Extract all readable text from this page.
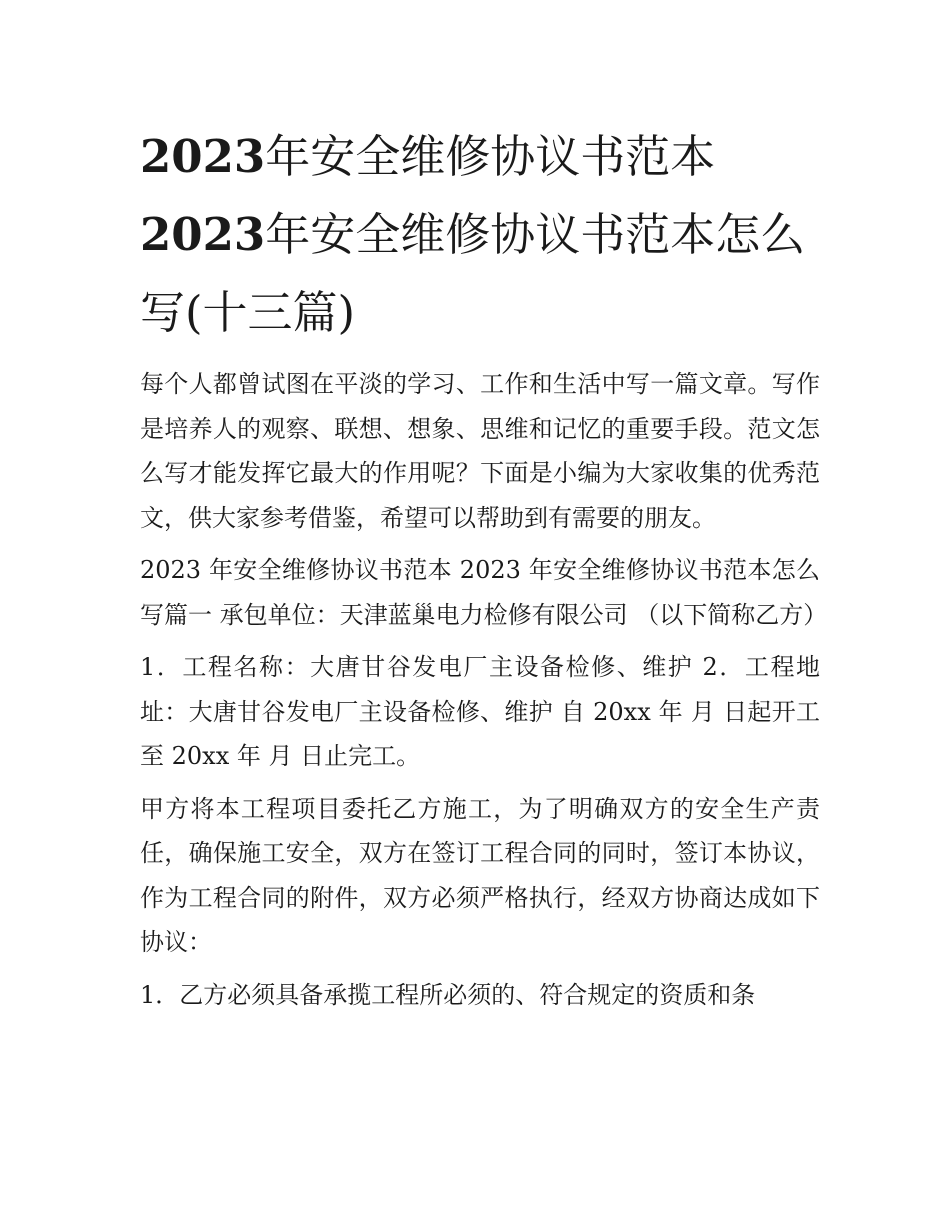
2023年安全维修协议书范本
2023年安全维修协议书范本怎么写(十三篇)

每个人都曾试图在平淡的学习、工作和生活中写一篇文章。写作是培养人的观察、联想、想象、思维和记忆的重要手段。范文怎么写才能发挥它最大的作用呢？下面是小编为大家收集的优秀范文，供大家参考借鉴，希望可以帮助到有需要的朋友。

2023 年安全维修协议书范本 2023 年安全维修协议书范本怎么写篇一 承包单位：天津蓝巢电力检修有限公司 （以下简称乙方）

1．工程名称：大唐甘谷发电厂主设备检修、维护 2．工程地址：大唐甘谷发电厂主设备检修、维护 自 20xx 年 月 日起开工至 20xx 年 月 日止完工。

甲方将本工程项目委托乙方施工，为了明确双方的安全生产责任，确保施工安全，双方在签订工程合同的同时，签订本协议，作为工程合同的附件，双方必须严格执行，经双方协商达成如下协议：

1．乙方必须具备承揽工程所必须的、符合规定的资质和条
